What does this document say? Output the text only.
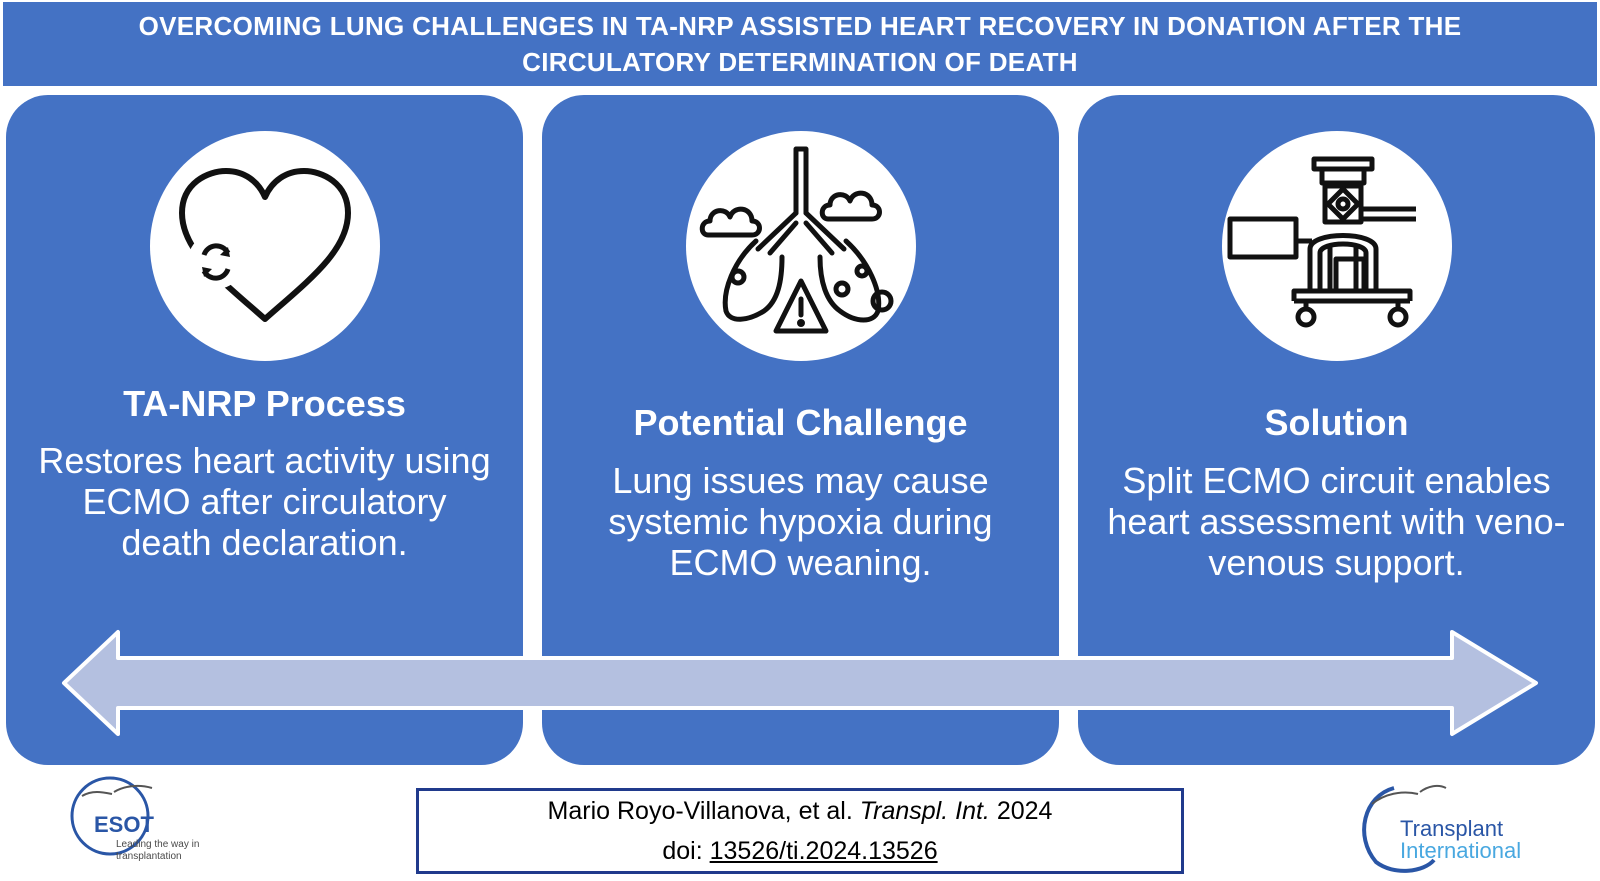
OVERCOMING LUNG CHALLENGES IN TA-NRP ASSISTED HEART RECOVERY IN DONATION AFTER THE CIRCULATORY DETERMINATION OF DEATH
TA-NRP Process
Restores heart activity using ECMO after circulatory death declaration.
Potential Challenge
Lung issues may cause systemic hypoxia during ECMO weaning.
Solution
Split ECMO circuit enables heart assessment with veno-venous support.
Mario Royo-Villanova, et al. Transpl. Int. 2024
doi: 13526/ti.2024.13526
ESOT
Leading the way in transplantation
Transplant
International
